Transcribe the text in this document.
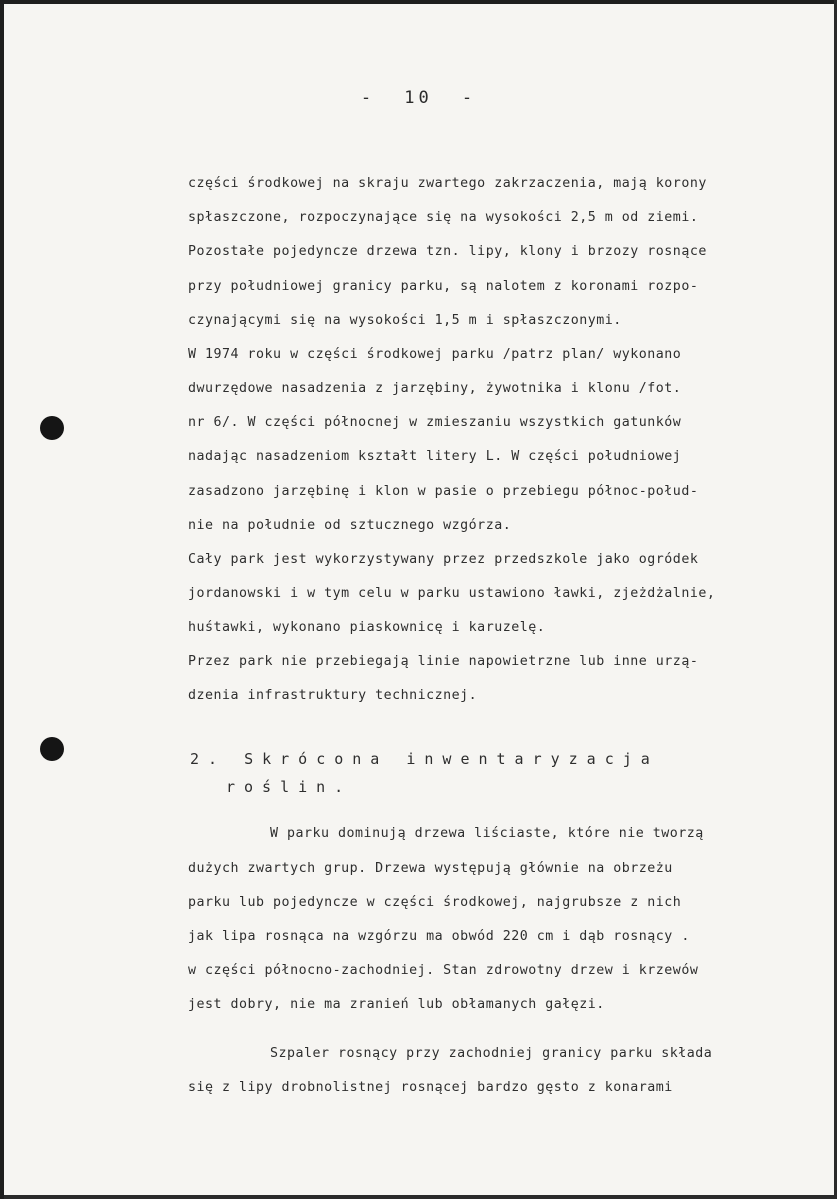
- 10 -
części środkowej na skraju zwartego zakrzaczenia, mają korony
spłaszczone, rozpoczynające się na wysokości 2,5 m od ziemi.
Pozostałe pojedyncze drzewa tzn. lipy, klony i brzozy rosnące
przy południowej granicy parku, są nalotem z koronami rozpo-
czynającymi się na wysokości 1,5 m i spłaszczonymi.
W 1974 roku w części środkowej parku /patrz plan/ wykonano
dwurzędowe nasadzenia z jarzębiny, żywotnika i klonu /fot.
nr 6/. W części północnej w zmieszaniu wszystkich gatunków
nadając nasadzeniom kształt litery L. W części południowej
zasadzono jarzębinę i klon w pasie o przebiegu północ-połud-
nie na południe od sztucznego wzgórza.
Cały park jest wykorzystywany przez przedszkole jako ogródek
jordanowski i w tym celu w parku ustawiono ławki, zjeżdżalnie,
huśtawki, wykonano piaskownicę i karuzelę.
Przez park nie przebiegają linie napowietrzne lub inne urzą-
dzenia infrastruktury technicznej.
2. Skrócona inwentaryzacja
roślin.
W parku dominują drzewa liściaste, które nie tworzą
dużych zwartych grup. Drzewa występują głównie na obrzeżu
parku lub pojedyncze w części środkowej, najgrubsze z nich
jak lipa rosnąca na wzgórzu ma obwód 220 cm i dąb rosnący .
w części północno-zachodniej. Stan zdrowotny drzew i krzewów
jest dobry, nie ma zranień lub obłamanych gałęzi.
Szpaler rosnący przy zachodniej granicy parku składa
się z lipy drobnolistnej rosnącej bardzo gęsto z konarami
